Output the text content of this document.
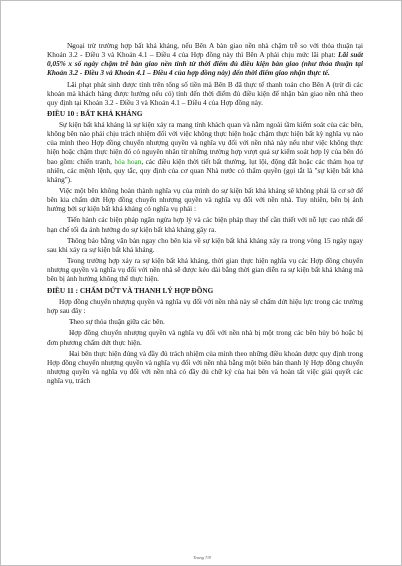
- Ngoại trừ trường hợp bất khả kháng, nếu Bên A bàn giao nền nhà chậm trễ so với thỏa thuận tại Khoản 3.2 - Điều 3 và Khoản 4.1 – Điều 4 của Hợp đồng này thì Bên A phải chịu mức lãi phạt: Lãi suất 0,05% x số ngày chậm trễ bàn giao nền tính từ thời điểm đủ điều kiện bàn giao (như thỏa thuận tại Khoản 3.2 - Điều 3 và Khoản 4.1 – Điều 4 của hợp đồng này) đến thời điểm giao nhận thực tế.

- Lãi phạt phát sinh được tính trên tổng số tiền mà Bên B đã thực tế thanh toán cho Bên A (trừ đi các khoản mà khách hàng được hưởng nếu có) tính đến thời điểm đủ điều kiện để nhận bàn giao nền nhà theo quy định tại Khoản 3.2 - Điều 3 và Khoản 4.1 – Điều 4 của Hợp đồng này.

ĐIỀU 10 : BẤT KHẢ KHÁNG

Sự kiện bất khả kháng là sự kiện xảy ra mang tính khách quan và nằm ngoài tầm kiểm soát của các bên, không bên nào phải chịu trách nhiệm đối với việc không thực hiện hoặc chậm thực hiện bất kỳ nghĩa vụ nào của mình theo Hợp đồng chuyển nhượng quyền và nghĩa vụ đối với nền nhà này nếu như việc không thực hiện hoặc chậm thực hiện đó có nguyên nhân từ những trường hợp vượt quá sự kiểm soát hợp lý của bên đó bao gồm: chiến tranh, hỏa hoạn, các điều kiện thời tiết bất thường, lụt lội, động đất hoặc các thảm họa tự nhiên, các mệnh lệnh, quy tắc, quy định của cơ quan Nhà nước có thẩm quyền (gọi tắt là "sự kiện bất khả kháng").

Việc một bên không hoàn thành nghĩa vụ của mình do sự kiện bất khả kháng sẽ không phải là cơ sở để bên kia chấm dứt Hợp đồng chuyển nhượng quyền và nghĩa vụ đối với nền nhà. Tuy nhiên, bên bị ảnh hưởng bởi sự kiện bất khả kháng có nghĩa vụ phải :

- Tiến hành các biện pháp ngăn ngừa hợp lý và các biện pháp thay thế cần thiết với nỗ lực cao nhất để hạn chế tối đa ảnh hưởng do sự kiện bất khả kháng gây ra.

- Thông báo bằng văn bản ngay cho bên kia về sự kiện bất khả kháng xảy ra trong vòng 15 ngày ngay sau khi xảy ra sự kiện bất khả kháng.

- Trong trường hợp xảy ra sự kiện bất khả kháng, thời gian thực hiện nghĩa vụ các Hợp đồng chuyển nhượng quyền và nghĩa vụ đối với nền nhà sẽ được kéo dài bằng thời gian diễn ra sự kiện bất khả kháng mà bên bị ảnh hưởng không thể thực hiện.

ĐIỀU 11 : CHẤM DỨT VÀ THANH LÝ HỢP ĐỒNG

Hợp đồng chuyển nhượng quyền và nghĩa vụ đối với nền nhà này sẽ chấm dứt hiệu lực trong các trường hợp sau đây :

- Theo sự thỏa thuận giữa các bên.

- Hợp đồng chuyển nhượng quyền và nghĩa vụ đối với nền nhà bị một trong các bên hủy bỏ hoặc bị đơn phương chấm dứt thực hiện.

- Hai bên thực hiện đúng và đầy đủ trách nhiệm của mình theo những điều khoản được quy định trong Hợp đồng chuyển nhượng quyền và nghĩa vụ đối với nền nhà bằng một biên bản thanh lý Hợp đồng chuyển nhượng quyền và nghĩa vụ đối với nền nhà có đầy đủ chữ ký của hai bên và hoàn tất việc giải quyết các nghĩa vụ, trách

Trang 7/8
